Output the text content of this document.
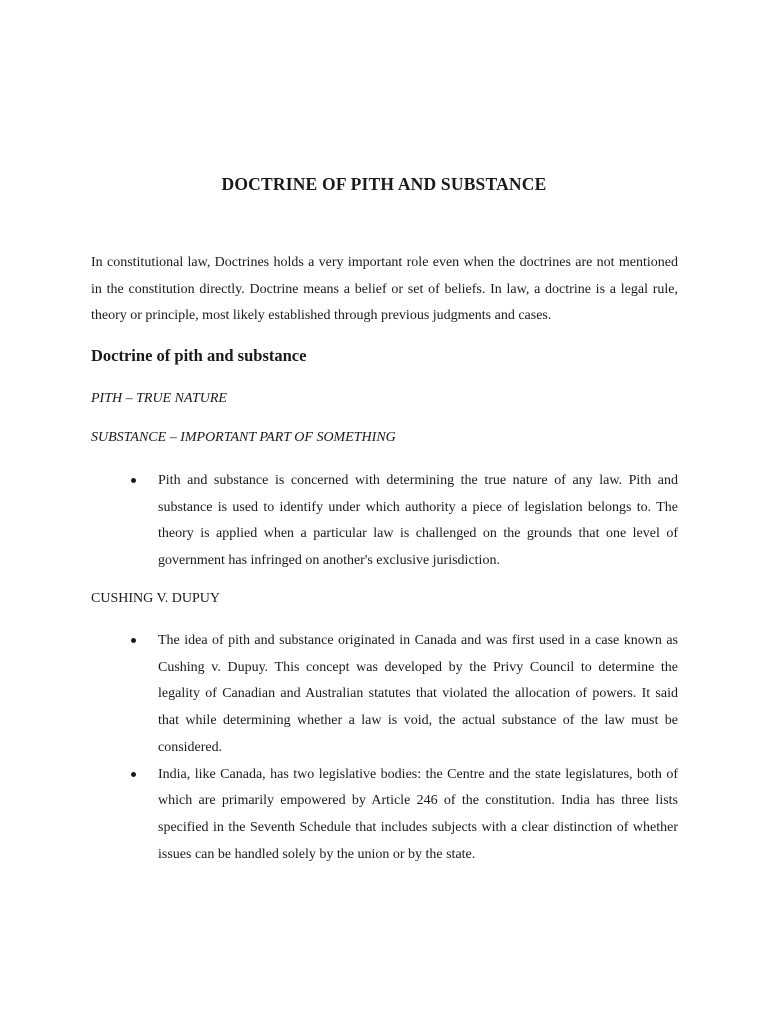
DOCTRINE OF PITH AND SUBSTANCE

In constitutional law, Doctrines holds a very important role even when the doctrines are not mentioned in the constitution directly. Doctrine means a belief or set of beliefs. In law, a doctrine is a legal rule, theory or principle, most likely established through previous judgments and cases.

Doctrine of pith and substance

PITH – TRUE NATURE

SUBSTANCE – IMPORTANT PART OF SOMETHING

Pith and substance is concerned with determining the true nature of any law. Pith and substance is used to identify under which authority a piece of legislation belongs to. The theory is applied when a particular law is challenged on the grounds that one level of government has infringed on another's exclusive jurisdiction.

CUSHING V. DUPUY

The idea of pith and substance originated in Canada and was first used in a case known as Cushing v. Dupuy. This concept was developed by the Privy Council to determine the legality of Canadian and Australian statutes that violated the allocation of powers. It said that while determining whether a law is void, the actual substance of the law must be considered.
India, like Canada, has two legislative bodies: the Centre and the state legislatures, both of which are primarily empowered by Article 246 of the constitution. India has three lists specified in the Seventh Schedule that includes subjects with a clear distinction of whether issues can be handled solely by the union or by the state.
